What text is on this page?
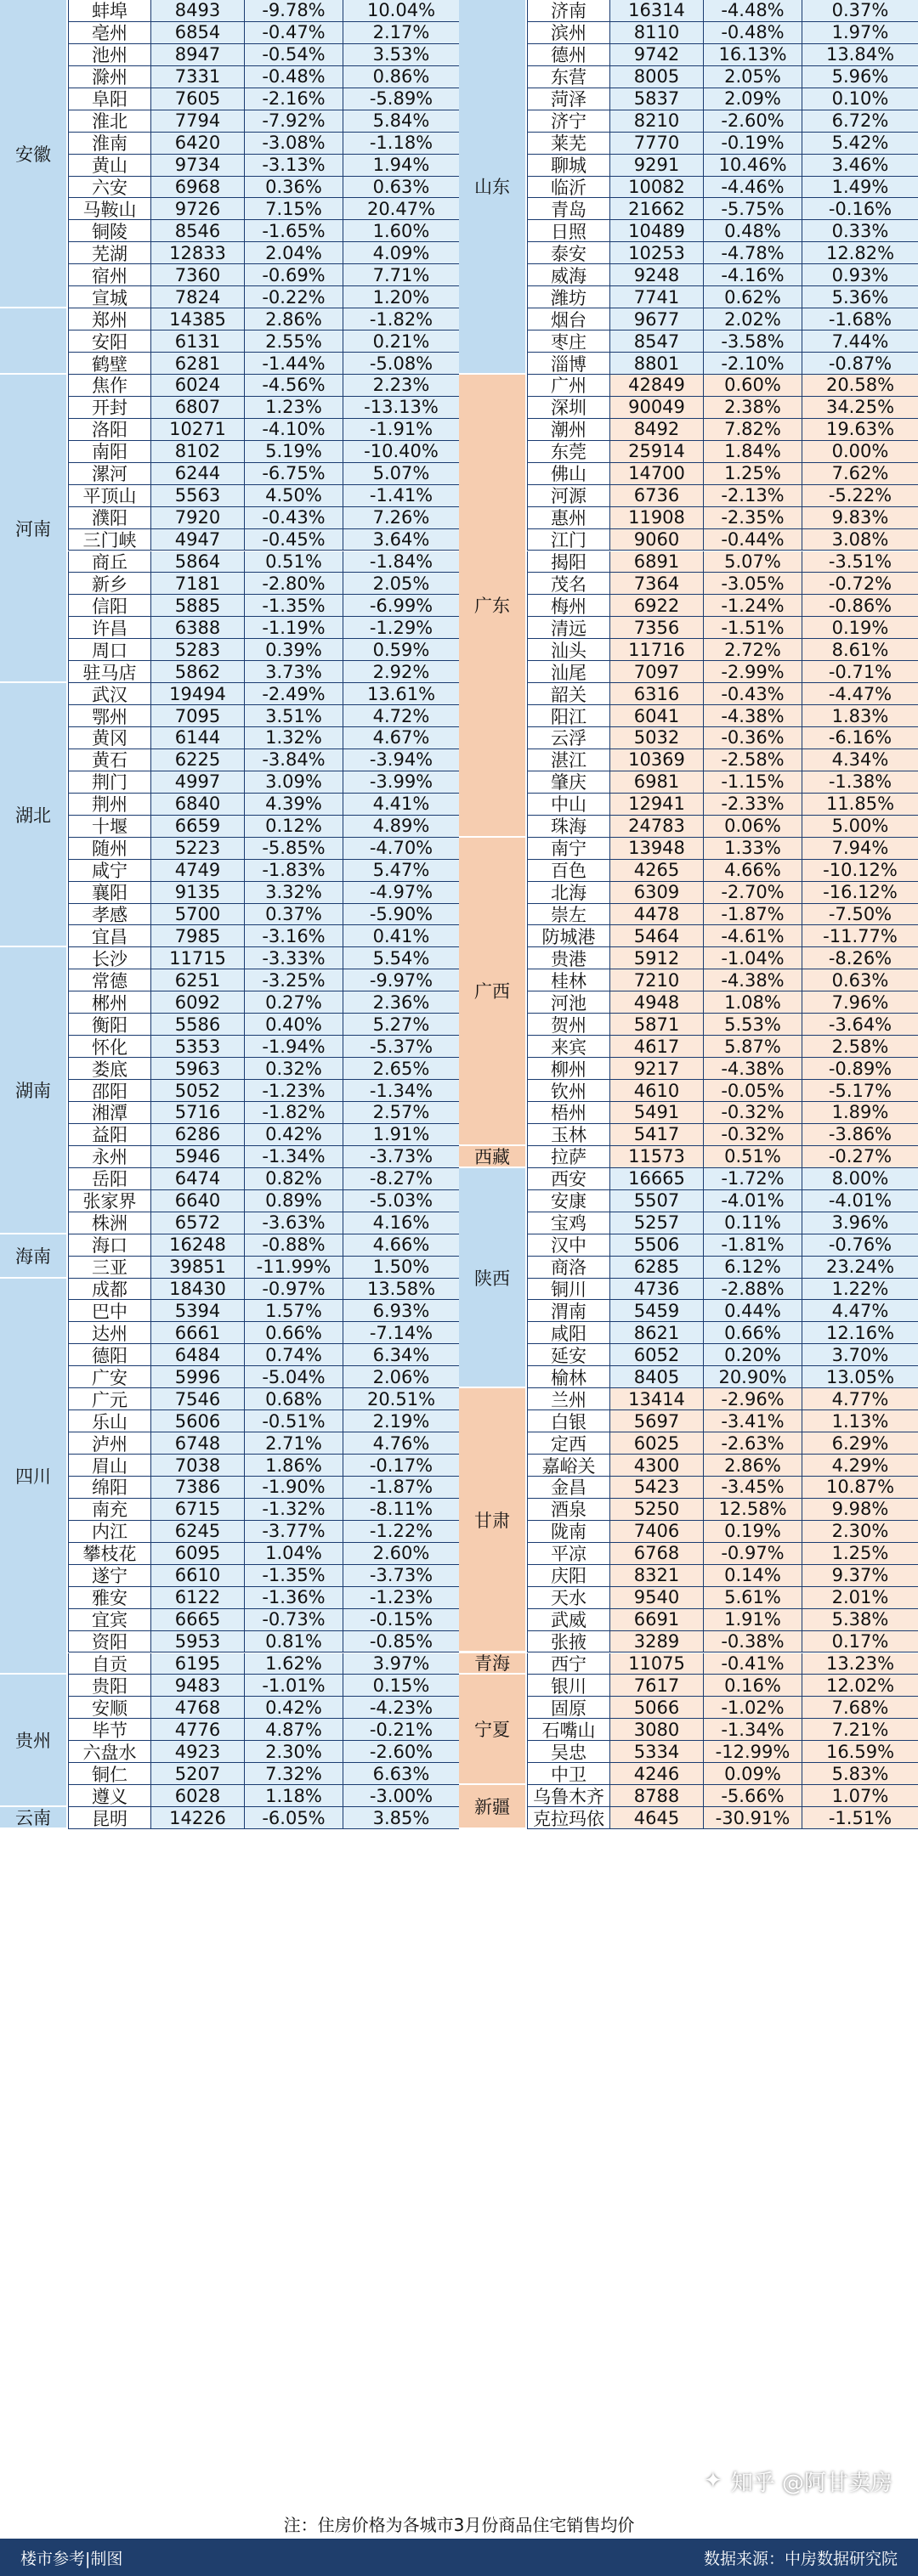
安徽
蚌埠	8493	-9.78%	10.04%
亳州	6854	-0.47%	2.17%
池州	8947	-0.54%	3.53%
滁州	7331	-0.48%	0.86%
阜阳	7605	-2.16%	-5.89%
淮北	7794	-7.92%	5.84%
淮南	6420	-3.08%	-1.18%
黄山	9734	-3.13%	1.94%
六安	6968	0.36%	0.63%
马鞍山	9726	7.15%	20.47%
铜陵	8546	-1.65%	1.60%
芜湖	12833	2.04%	4.09%
宿州	7360	-0.69%	7.71%
宣城	7824	-0.22%	1.20%
郑州	14385	2.86%	-1.82%
安阳	6131	2.55%	0.21%
鹤壁	6281	-1.44%	-5.08%
河南
焦作	6024	-4.56%	2.23%
开封	6807	1.23%	-13.13%
洛阳	10271	-4.10%	-1.91%
南阳	8102	5.19%	-10.40%
漯河	6244	-6.75%	5.07%
平顶山	5563	4.50%	-1.41%
濮阳	7920	-0.43%	7.26%
三门峡	4947	-0.45%	3.64%
商丘	5864	0.51%	-1.84%
新乡	7181	-2.80%	2.05%
信阳	5885	-1.35%	-6.99%
许昌	6388	-1.19%	-1.29%
周口	5283	0.39%	0.59%
驻马店	5862	3.73%	2.92%
湖北
武汉	19494	-2.49%	13.61%
鄂州	7095	3.51%	4.72%
黄冈	6144	1.32%	4.67%
黄石	6225	-3.84%	-3.94%
荆门	4997	3.09%	-3.99%
荆州	6840	4.39%	4.41%
十堰	6659	0.12%	4.89%
随州	5223	-5.85%	-4.70%
咸宁	4749	-1.83%	5.47%
襄阳	9135	3.32%	-4.97%
孝感	5700	0.37%	-5.90%
宜昌	7985	-3.16%	0.41%
湖南
长沙	11715	-3.33%	5.54%
常德	6251	-3.25%	-9.97%
郴州	6092	0.27%	2.36%
衡阳	5586	0.40%	5.27%
怀化	5353	-1.94%	-5.37%
娄底	5963	0.32%	2.65%
邵阳	5052	-1.23%	-1.34%
湘潭	5716	-1.82%	2.57%
益阳	6286	0.42%	1.91%
永州	5946	-1.34%	-3.73%
岳阳	6474	0.82%	-8.27%
张家界	6640	0.89%	-5.03%
株洲	6572	-3.63%	4.16%
海南
海口	16248	-0.88%	4.66%
三亚	39851	-11.99%	1.50%
四川
成都	18430	-0.97%	13.58%
巴中	5394	1.57%	6.93%
达州	6661	0.66%	-7.14%
德阳	6484	0.74%	6.34%
广安	5996	-5.04%	2.06%
广元	7546	0.68%	20.51%
乐山	5606	-0.51%	2.19%
泸州	6748	2.71%	4.76%
眉山	7038	1.86%	-0.17%
绵阳	7386	-1.90%	-1.87%
南充	6715	-1.32%	-8.11%
内江	6245	-3.77%	-1.22%
攀枝花	6095	1.04%	2.60%
遂宁	6610	-1.35%	-3.73%
雅安	6122	-1.36%	-1.23%
宜宾	6665	-0.73%	-0.15%
资阳	5953	0.81%	-0.85%
自贡	6195	1.62%	3.97%
贵州
贵阳	9483	-1.01%	0.15%
安顺	4768	0.42%	-4.23%
毕节	4776	4.87%	-0.21%
六盘水	4923	2.30%	-2.60%
铜仁	5207	7.32%	6.63%
遵义	6028	1.18%	-3.00%
云南	昆明	14226	-6.05%	3.85%
山东
济南	16314	-4.48%	0.37%
滨州	8110	-0.48%	1.97%
德州	9742	16.13%	13.84%
东营	8005	2.05%	5.96%
菏泽	5837	2.09%	0.10%
济宁	8210	-2.60%	6.72%
莱芜	7770	-0.19%	5.42%
聊城	9291	10.46%	3.46%
临沂	10082	-4.46%	1.49%
青岛	21662	-5.75%	-0.16%
日照	10489	0.48%	0.33%
泰安	10253	-4.78%	12.82%
威海	9248	-4.16%	0.93%
潍坊	7741	0.62%	5.36%
烟台	9677	2.02%	-1.68%
枣庄	8547	-3.58%	7.44%
淄博	8801	-2.10%	-0.87%
广东
广州	42849	0.60%	20.58%
深圳	90049	2.38%	34.25%
潮州	8492	7.82%	19.63%
东莞	25914	1.84%	0.00%
佛山	14700	1.25%	7.62%
河源	6736	-2.13%	-5.22%
惠州	11908	-2.35%	9.83%
江门	9060	-0.44%	3.08%
揭阳	6891	5.07%	-3.51%
茂名	7364	-3.05%	-0.72%
梅州	6922	-1.24%	-0.86%
清远	7356	-1.51%	0.19%
汕头	11716	2.72%	8.61%
汕尾	7097	-2.99%	-0.71%
韶关	6316	-0.43%	-4.47%
阳江	6041	-4.38%	1.83%
云浮	5032	-0.36%	-6.16%
湛江	10369	-2.58%	4.34%
肇庆	6981	-1.15%	-1.38%
中山	12941	-2.33%	11.85%
珠海	24783	0.06%	5.00%
广西
南宁	13948	1.33%	7.94%
百色	4265	4.66%	-10.12%
北海	6309	-2.70%	-16.12%
崇左	4478	-1.87%	-7.50%
防城港	5464	-4.61%	-11.77%
贵港	5912	-1.04%	-8.26%
桂林	7210	-4.38%	0.63%
河池	4948	1.08%	7.96%
贺州	5871	5.53%	-3.64%
来宾	4617	5.87%	2.58%
柳州	9217	-4.38%	-0.89%
钦州	4610	-0.05%	-5.17%
梧州	5491	-0.32%	1.89%
玉林	5417	-0.32%	-3.86%
西藏	拉萨	11573	0.51%	-0.27%
陕西
西安	16665	-1.72%	8.00%
安康	5507	-4.01%	-4.01%
宝鸡	5257	0.11%	3.96%
汉中	5506	-1.81%	-0.76%
商洛	6285	6.12%	23.24%
铜川	4736	-2.88%	1.22%
渭南	5459	0.44%	4.47%
咸阳	8621	0.66%	12.16%
延安	6052	0.20%	3.70%
榆林	8405	20.90%	13.05%
甘肃
兰州	13414	-2.96%	4.77%
白银	5697	-3.41%	1.13%
定西	6025	-2.63%	6.29%
嘉峪关	4300	2.86%	4.29%
金昌	5423	-3.45%	10.87%
酒泉	5250	12.58%	9.98%
陇南	7406	0.19%	2.30%
平凉	6768	-0.97%	1.25%
庆阳	8321	0.14%	9.37%
天水	9540	5.61%	2.01%
武威	6691	1.91%	5.38%
张掖	3289	-0.38%	0.17%
青海	西宁	11075	-0.41%	13.23%
宁夏
银川	7617	0.16%	12.02%
固原	5066	-1.02%	7.68%
石嘴山	3080	-1.34%	7.21%
吴忠	5334	-12.99%	16.59%
中卫	4246	0.09%	5.83%
新疆
乌鲁木齐	8788	-5.66%	1.07%
克拉玛依	4645	-30.91%	-1.51%
✦ 知乎 @阿甘卖房
注：住房价格为各城市3月份商品住宅销售均价
楼市参考|制图	数据来源：中房数据研究院
